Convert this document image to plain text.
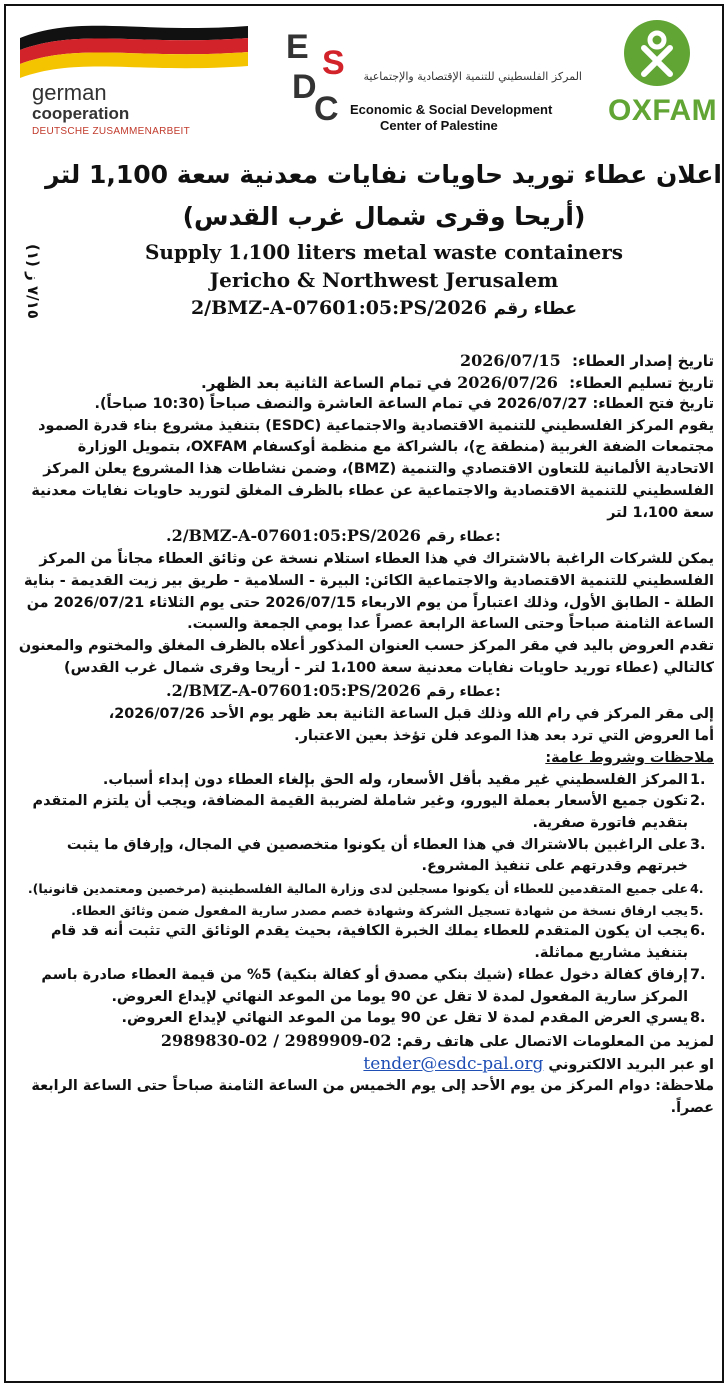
german
cooperation
DEUTSCHE ZUSAMMENARBEIT
E S
D
C
المركز الفلسطيني للتنمية الإقتصادية والإجتماعية
Economic & Social Development
Center of Palestine	OXFAM
(١) ٧/١٥ ز
اعلان عطاء توريد حاويات نفايات معدنية سعة 1,100 لتر
(أريحا وقرى شمال غرب القدس)
Supply 1،100 liters metal waste containers
Jericho & Northwest Jerusalem
2/BMZ-A-07601:05:PS/2026 عطاء رقم

تاريخ إصدار العطاء: 2026/07/15

تاريخ تسليم العطاء: 2026/07/26 في تمام الساعة الثانية بعد الظهر.

تاريخ فتح العطاء: 2026/07/27 في تمام الساعة العاشرة والنصف صباحاً (10:30 صباحاً).

يقوم المركز الفلسطيني للتنمية الاقتصادية والاجتماعية (ESDC) بتنفيذ مشروع بناء قدرة الصمود مجتمعات الضفة الغربية (منطقة ج)، بالشراكة مع منظمة أوكسفام OXFAM، بتمويل الوزارة الاتحادية الألمانية للتعاون الاقتصادي والتنمية (BMZ)، وضمن نشاطات هذا المشروع يعلن المركز الفلسطيني للتنمية الاقتصادية والاجتماعية عن عطاء بالظرف المغلق لتوريد حاويات نفايات معدنية سعة 1،100 لتر

.2/BMZ-A-07601:05:PS/2026 عطاء رقم:

يمكن للشركات الراغبة بالاشتراك في هذا العطاء استلام نسخة عن وثائق العطاء مجاناً من المركز الفلسطيني للتنمية الاقتصادية والاجتماعية الكائن: البيرة - السلامية - طريق بير زيت القديمة - بناية الطلة - الطابق الأول، وذلك اعتباراً من يوم الاربعاء 2026/07/15 حتى يوم الثلاثاء 2026/07/21 من الساعة الثامنة صباحاً وحتى الساعة الرابعة عصراً عدا يومي الجمعة والسبت.

تقدم العروض باليد في مقر المركز حسب العنوان المذكور أعلاه بالظرف المغلق والمختوم والمعنون كالتالي (عطاء توريد حاويات نفايات معدنية سعة 1،100 لتر - أريحا وقرى شمال غرب القدس)

.2/BMZ-A-07601:05:PS/2026 عطاء رقم:

إلى مقر المركز في رام الله وذلك قبل الساعة الثانية بعد ظهر يوم الأحد 2026/07/26،

أما العروض التي ترد بعد هذا الموعد فلن تؤخذ بعين الاعتبار.

ملاحظات وشروط عامة:

1.
المركز الفلسطيني غير مقيد بأقل الأسعار، وله الحق بإلغاء العطاء دون إبداء أسباب.
2.
تكون جميع الأسعار بعملة اليورو، وغير شاملة لضريبة القيمة المضافة، ويجب أن يلتزم المتقدم بتقديم فاتورة صفرية.
3.
على الراغبين بالاشتراك في هذا العطاء أن يكونوا متخصصين في المجال، وإرفاق ما يثبت خبرتهم وقدرتهم على تنفيذ المشروع.
4.
على جميع المتقدمين للعطاء أن يكونوا مسجلين لدى وزارة المالية الفلسطينية (مرخصين ومعتمدين قانونيا).
5.
يجب ارفاق نسخة من شهادة تسجيل الشركة وشهادة خصم مصدر سارية المفعول ضمن وثائق العطاء.
6.
يجب ان يكون المتقدم للعطاء يملك الخبرة الكافية، بحيث يقدم الوثائق التي تثبت أنه قد قام بتنفيذ مشاريع مماثلة.
7.
إرفاق كفالة دخول عطاء (شيك بنكي مصدق أو كفالة بنكية) 5% من قيمة العطاء صادرة باسم المركز سارية المفعول لمدة لا تقل عن 90 يوما من الموعد النهائي لإيداع العروض.
8.
يسري العرض المقدم لمدة لا تقل عن 90 يوما من الموعد النهائي لإيداع العروض.

لمزيد من المعلومات الاتصال على هاتف رقم: 02-2989909 / 02-2989830

او عبر البريد الالكتروني tender@esdc-pal.org

ملاحظة: دوام المركز من يوم الأحد إلى يوم الخميس من الساعة الثامنة صباحاً حتى الساعة الرابعة عصراً.
